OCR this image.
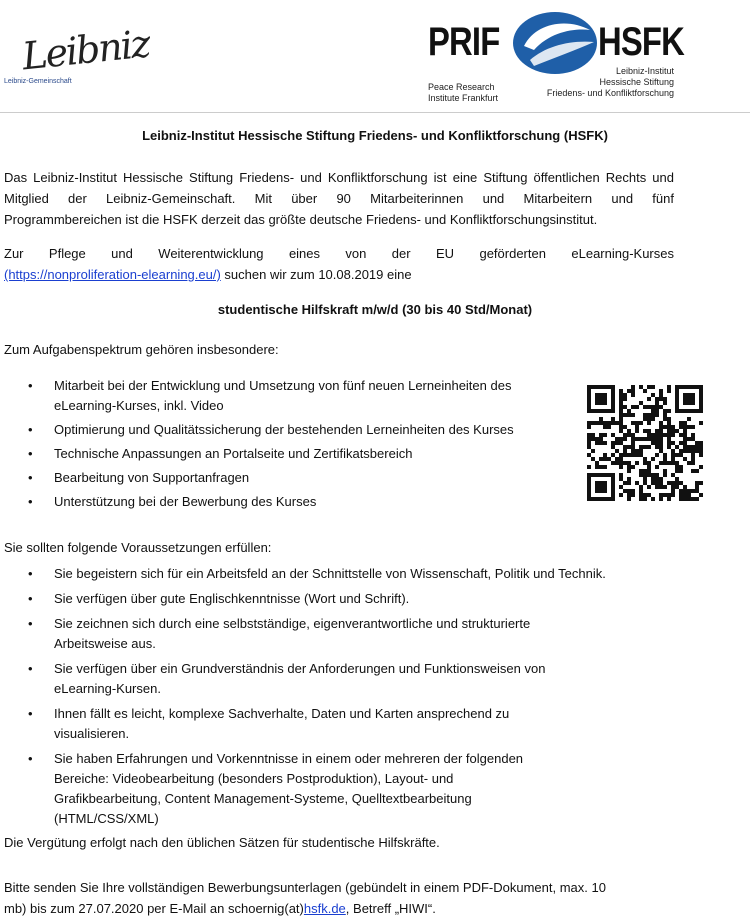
Leibniz
Leibniz-Gemeinschaft
PRIF HSFK
Peace Research
Institute Frankfurt
Leibniz-Institut
Hessische Stiftung
Friedens- und Konfliktforschung
Leibniz-Institut Hessische Stiftung Friedens- und Konfliktforschung (HSFK)
Das Leibniz-Institut Hessische Stiftung Friedens- und Konfliktforschung ist eine Stiftung öffentlichen Rechts und
Mitglied der Leibniz-Gemeinschaft. Mit über 90 Mitarbeiterinnen und Mitarbeitern und fünf
Programmbereichen ist die HSFK derzeit das größte deutsche Friedens- und Konfliktforschungsinstitut.
Zur Pflege und Weiterentwicklung eines von der EU geförderten eLearning-Kurses
(https://nonproliferation-elearning.eu/) suchen wir zum 10.08.2019 eine
studentische Hilfskraft m/w/d (30 bis 40 Std/Monat)
Zum Aufgabenspektrum gehören insbesondere:
• Mitarbeit bei der Entwicklung und Umsetzung von fünf neuen Lerneinheiten des
eLearning-Kurses, inkl. Video
• Optimierung und Qualitätssicherung der bestehenden Lerneinheiten des Kurses
• Technische Anpassungen an Portalseite und Zertifikatsbereich
• Bearbeitung von Supportanfragen
• Unterstützung bei der Bewerbung des Kurses
Sie sollten folgende Voraussetzungen erfüllen:
• Sie begeistern sich für ein Arbeitsfeld an der Schnittstelle von Wissenschaft, Politik und Technik.
• Sie verfügen über gute Englischkenntnisse (Wort und Schrift).
• Sie zeichnen sich durch eine selbstständige, eigenverantwortliche und strukturierte
Arbeitsweise aus.
• Sie verfügen über ein Grundverständnis der Anforderungen und Funktionsweisen von
eLearning-Kursen.
• Ihnen fällt es leicht, komplexe Sachverhalte, Daten und Karten ansprechend zu
visualisieren.
• Sie haben Erfahrungen und Vorkenntnisse in einem oder mehreren der folgenden
Bereiche: Videobearbeitung (besonders Postproduktion), Layout- und
Grafikbearbeitung, Content Management-Systeme, Quelltextbearbeitung
(HTML/CSS/XML)
Die Vergütung erfolgt nach den üblichen Sätzen für studentische Hilfskräfte.
Bitte senden Sie Ihre vollständigen Bewerbungsunterlagen (gebündelt in einem PDF-Dokument, max. 10
mb) bis zum 27.07.2020 per E-Mail an schoernig(at)hsfk.de, Betreff „HIWI“.
